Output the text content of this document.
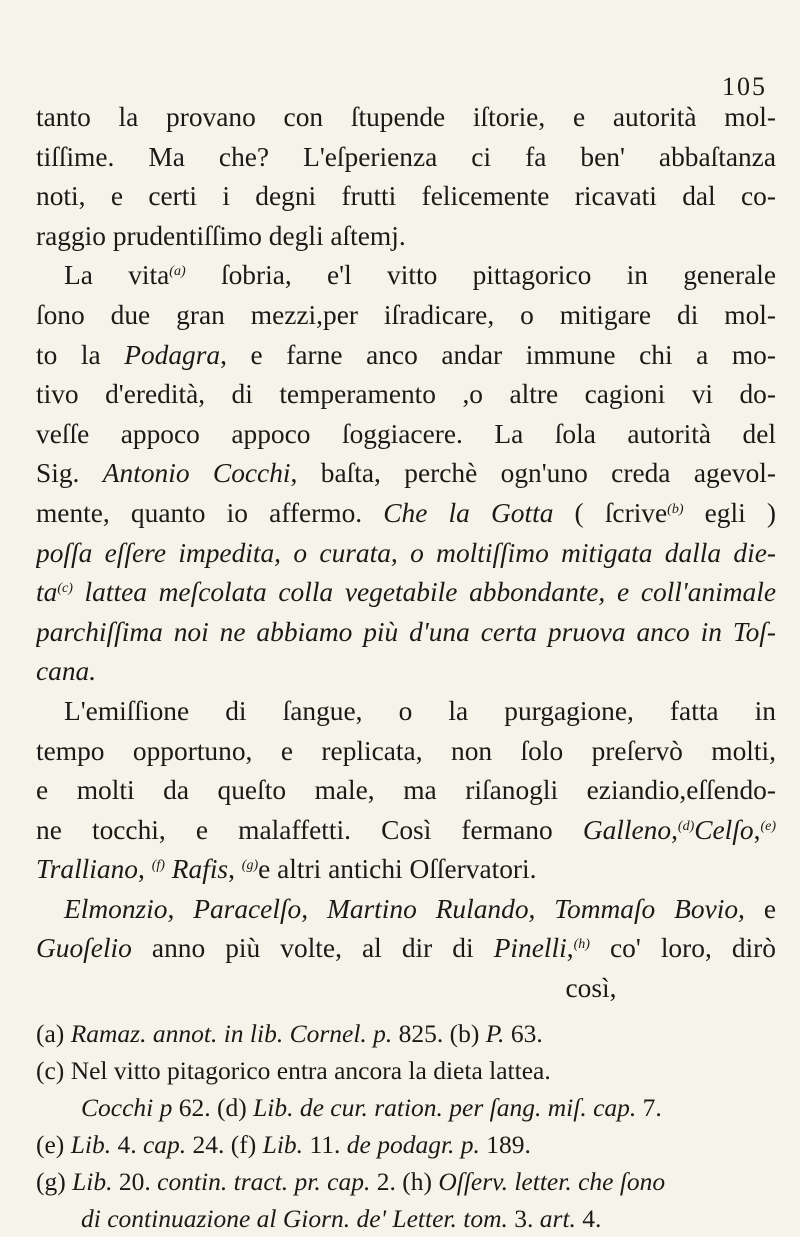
105
tanto la provano con ſtupende iſtorie, e autorità mol-
tiſſime. Ma che? L'eſperienza ci fa ben' abbaſtanza
noti, e certi i degni frutti felicemente ricavati dal co-
raggio prudentiſſimo degli aſtemj.
La vita$^{(a)}$ ſobria, e'l vitto pittagorico in generale
ſono due gran mezzi,per iſradicare, o mitigare di mol-
to la Podagra, e farne anco andar immune chi a mo-
tivo d'eredità, di temperamento ,o altre cagioni vi do-
veſſe appoco appoco ſoggiacere. La ſola autorità del
Sig. Antonio Cocchi, baſta, perchè ogn'uno creda agevol-
mente, quanto io affermo. Che la Gotta ( ſcrive$^{(b)}$ egli )
poſſa eſſere impedita, o curata, o moltiſſimo mitigata dalla die-
$ta^{(c)}$ lattea meſcolata colla vegetabile abbondante, e coll'animale
parchiſſima noi ne abbiamo più d'una certa pruova anco in Toſ-
cana.
L'emiſſione di ſangue, o la purgagione, fatta in
tempo opportuno, e replicata, non ſolo preſervò molti,
e molti da queſto male, ma riſanogli eziandio,eſſendo-
ne tocchi, e malaffetti. Così fermano Galleno,$^{(d)}$Celſo,$^{(e)}$
Tralliano, $^{(f)}$ Rafis, $^{(g)}$e altri antichi Oſſervatori.
Elmonzio, Paracelſo, Martino Rulando, Tommaſo Bovio, e
Guoſelio anno più volte, al dir di Pinelli,$^{(h)}$ co' loro, dirò
così,
(a) Ramaz. annot. in lib. Cornel. p. 825. (b) P. 63.
(c) Nel vitto pitagorico entra ancora la dieta lattea.
Cocchi p 62. (d) Lib. de cur. ration. per ſang. miſ. cap. 7.
(e) Lib. 4. cap. 24. (f) Lib. 11. de podagr. p. 189.
(g) Lib. 20. contin. tract. pr. cap. 2. (h) Oſſerv. letter. che ſono
di continuazione al Giorn. de' Letter. tom. 3. art. 4.
